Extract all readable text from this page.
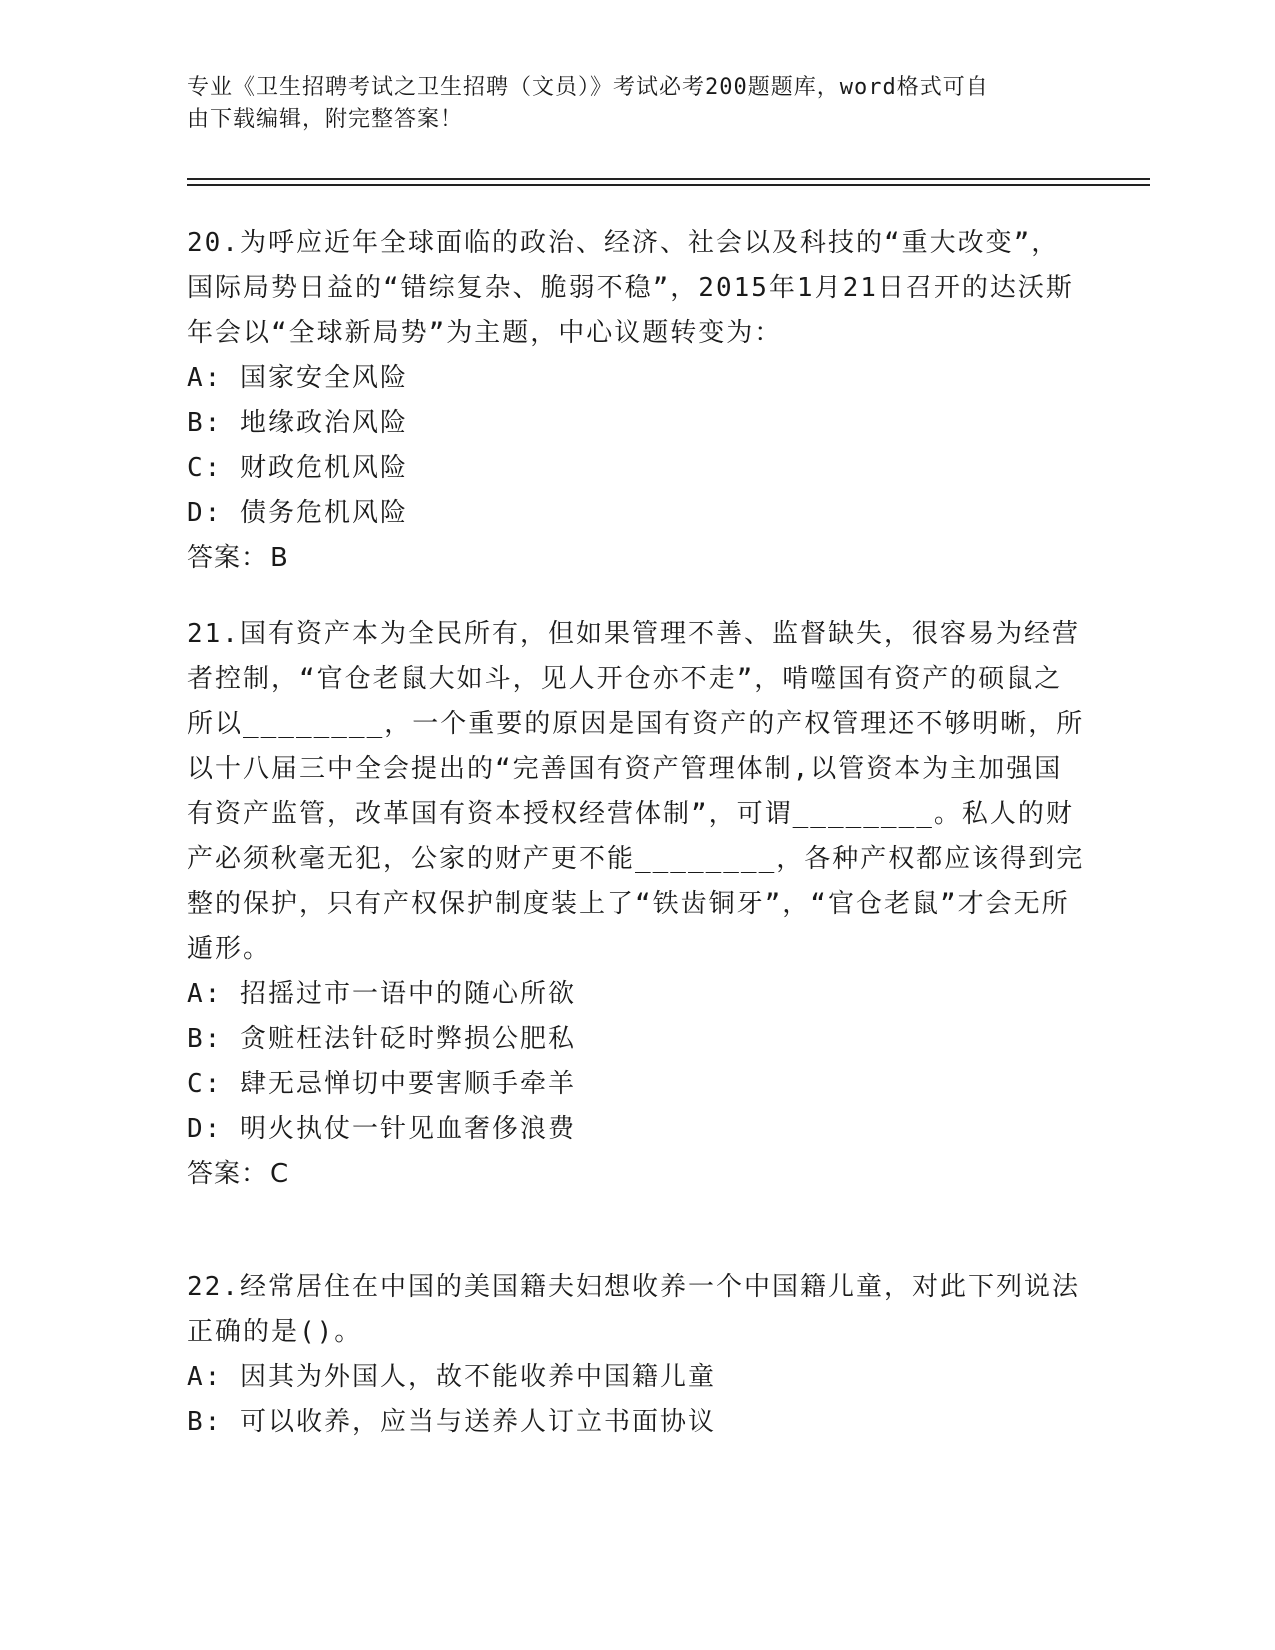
专业《卫生招聘考试之卫生招聘（文员）》考试必考200题题库，word格式可自
由下载编辑，附完整答案！
20.为呼应近年全球面临的政治、经济、社会以及科技的“重大改变”，国际局势日益的“错综复杂、脆弱不稳”，2015年1月21日召开的达沃斯年会以“全球新局势”为主题，中心议题转变为：
A: 国家安全风险
B: 地缘政治风险
C: 财政危机风险
D: 债务危机风险
答案：B
21.国有资产本为全民所有，但如果管理不善、监督缺失，很容易为经营者控制，“官仓老鼠大如斗，见人开仓亦不走”，啃噬国有资产的硕鼠之所以________，一个重要的原因是国有资产的产权管理还不够明晰，所以十八届三中全会提出的“完善国有资产管理体制,以管资本为主加强国有资产监管，改革国有资本授权经营体制”，可谓________。私人的财产必须秋毫无犯，公家的财产更不能________，各种产权都应该得到完整的保护，只有产权保护制度装上了“铁齿铜牙”，“官仓老鼠”才会无所遁形。
A: 招摇过市一语中的随心所欲
B: 贪赃枉法针砭时弊损公肥私
C: 肆无忌惮切中要害顺手牵羊
D: 明火执仗一针见血奢侈浪费
答案：C
22.经常居住在中国的美国籍夫妇想收养一个中国籍儿童，对此下列说法正确的是()。
A: 因其为外国人，故不能收养中国籍儿童
B: 可以收养，应当与送养人订立书面协议
